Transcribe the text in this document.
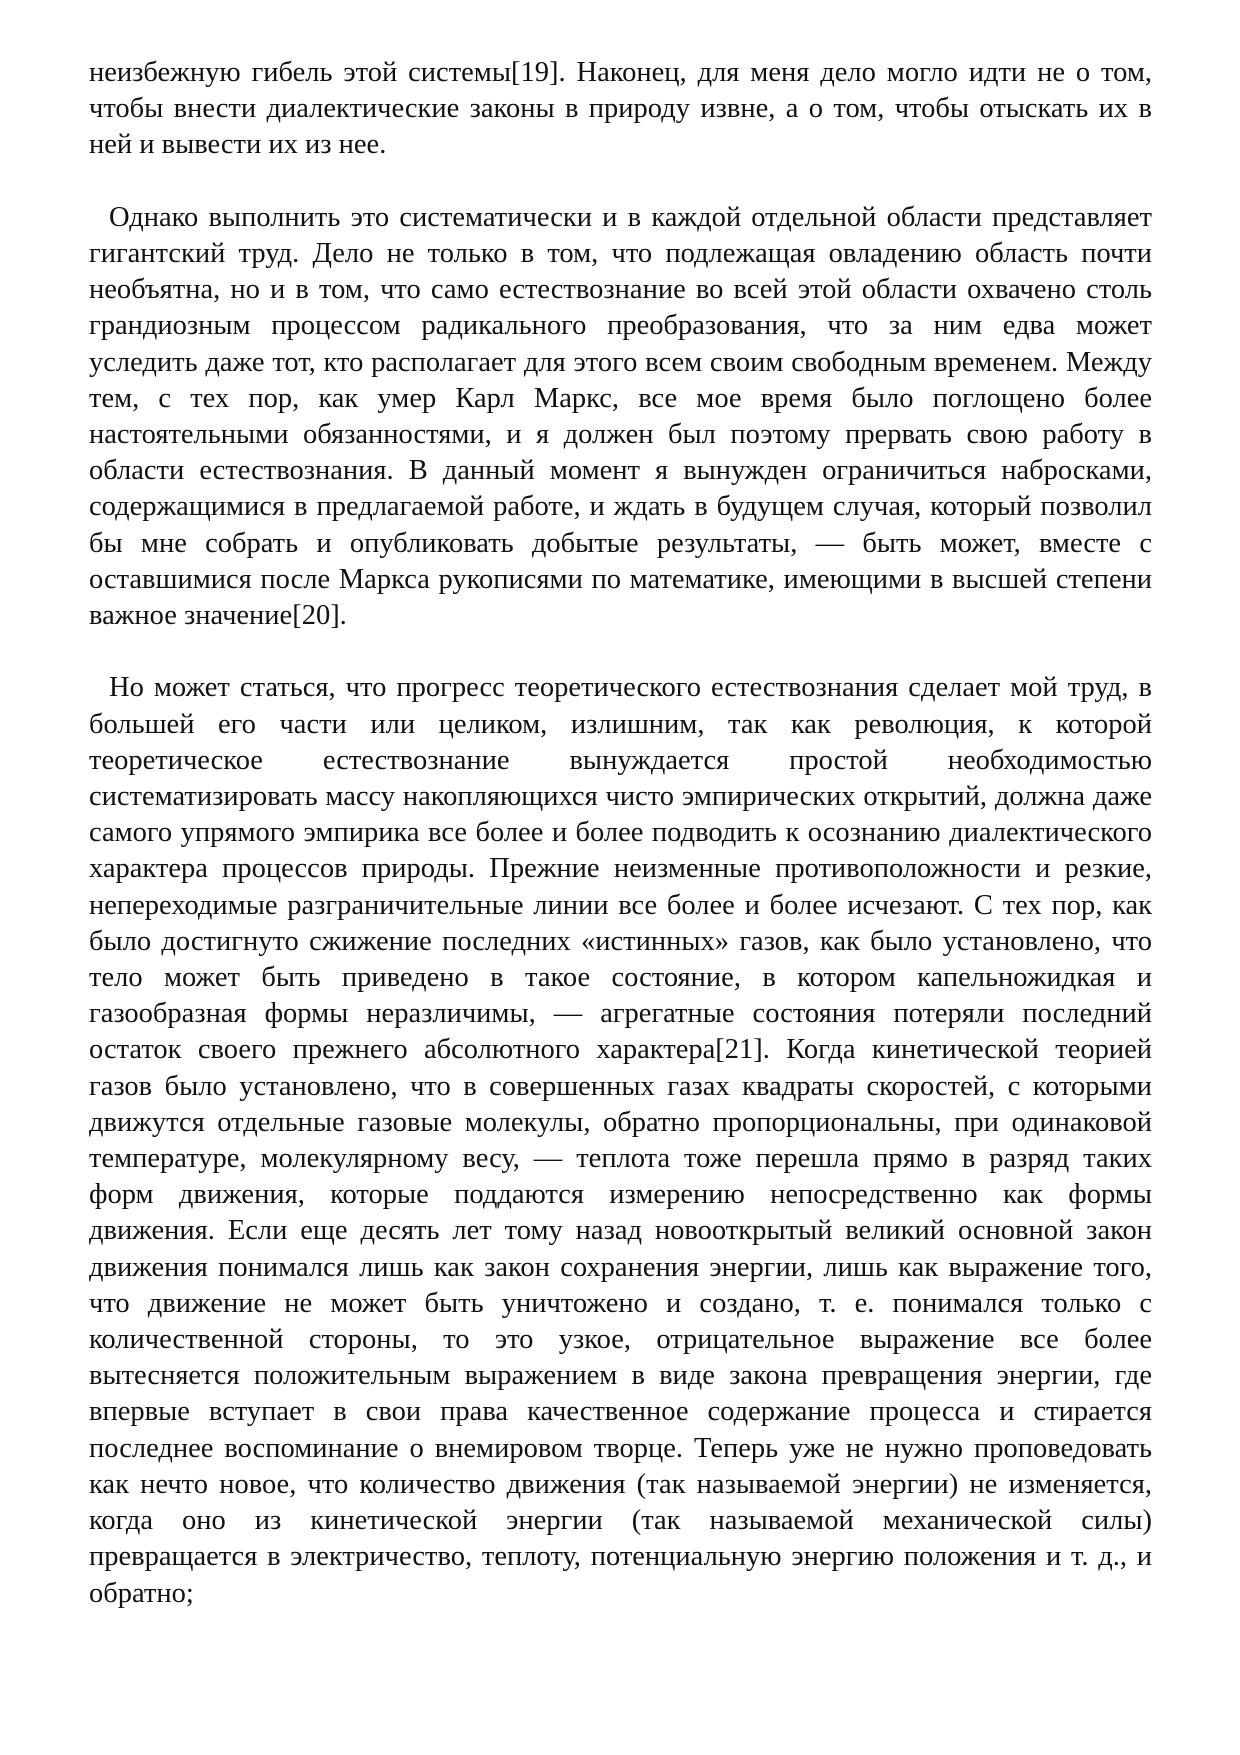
неизбежную гибель этой системы[19]. Наконец, для меня дело могло идти не о том, чтобы внести диалектические законы в природу извне, а о том, чтобы отыскать их в ней и вывести их из нее.

Однако выполнить это систематически и в каждой отдельной области представляет гигантский труд. Дело не только в том, что подлежащая овладению область почти необъятна, но и в том, что само естествознание во всей этой области охвачено столь грандиозным процессом радикального преобразования, что за ним едва может уследить даже тот, кто располагает для этого всем своим свободным временем. Между тем, с тех пор, как умер Карл Маркс, все мое время было поглощено более настоятельными обязанностями, и я должен был поэтому прервать свою работу в области естествознания. В данный момент я вынужден ограничиться набросками, содержащимися в предлагаемой работе, и ждать в будущем случая, который позволил бы мне собрать и опубликовать добытые результаты, — быть может, вместе с оставшимися после Маркса рукописями по математике, имеющими в высшей степени важное значение[20].

Но может статься, что прогресс теоретического естествознания сделает мой труд, в большей его части или целиком, излишним, так как революция, к которой теоретическое естествознание вынуждается простой необходимостью систематизировать массу накопляющихся чисто эмпирических открытий, должна даже самого упрямого эмпирика все более и более подводить к осознанию диалектического характера процессов природы. Прежние неизменные противоположности и резкие, непереходимые разграничительные линии все более и более исчезают. С тех пор, как было достигнуто сжижение последних «истинных» газов, как было установлено, что тело может быть приведено в такое состояние, в котором капельножидкая и газообразная формы неразличимы, — агрегатные состояния потеряли последний остаток своего прежнего абсолютного характера[21]. Когда кинетической теорией газов было установлено, что в совершенных газах квадраты скоростей, с которыми движутся отдельные газовые молекулы, обратно пропорциональны, при одинаковой температуре, молекулярному весу, — теплота тоже перешла прямо в разряд таких форм движения, которые поддаются измерению непосредственно как формы движения. Если еще десять лет тому назад новооткрытый великий основной закон движения понимался лишь как закон сохранения энергии, лишь как выражение того, что движение не может быть уничтожено и создано, т. е. понимался только с количественной стороны, то это узкое, отрицательное выражение все более вытесняется положительным выражением в виде закона превращения энергии, где впервые вступает в свои права качественное содержание процесса и стирается последнее воспоминание о внемировом творце. Теперь уже не нужно проповедовать как нечто новое, что количество движения (так называемой энергии) не изменяется, когда оно из кинетической энергии (так называемой механической силы) превращается в электричество, теплоту, потенциальную энергию положения и т. д., и обратно;
